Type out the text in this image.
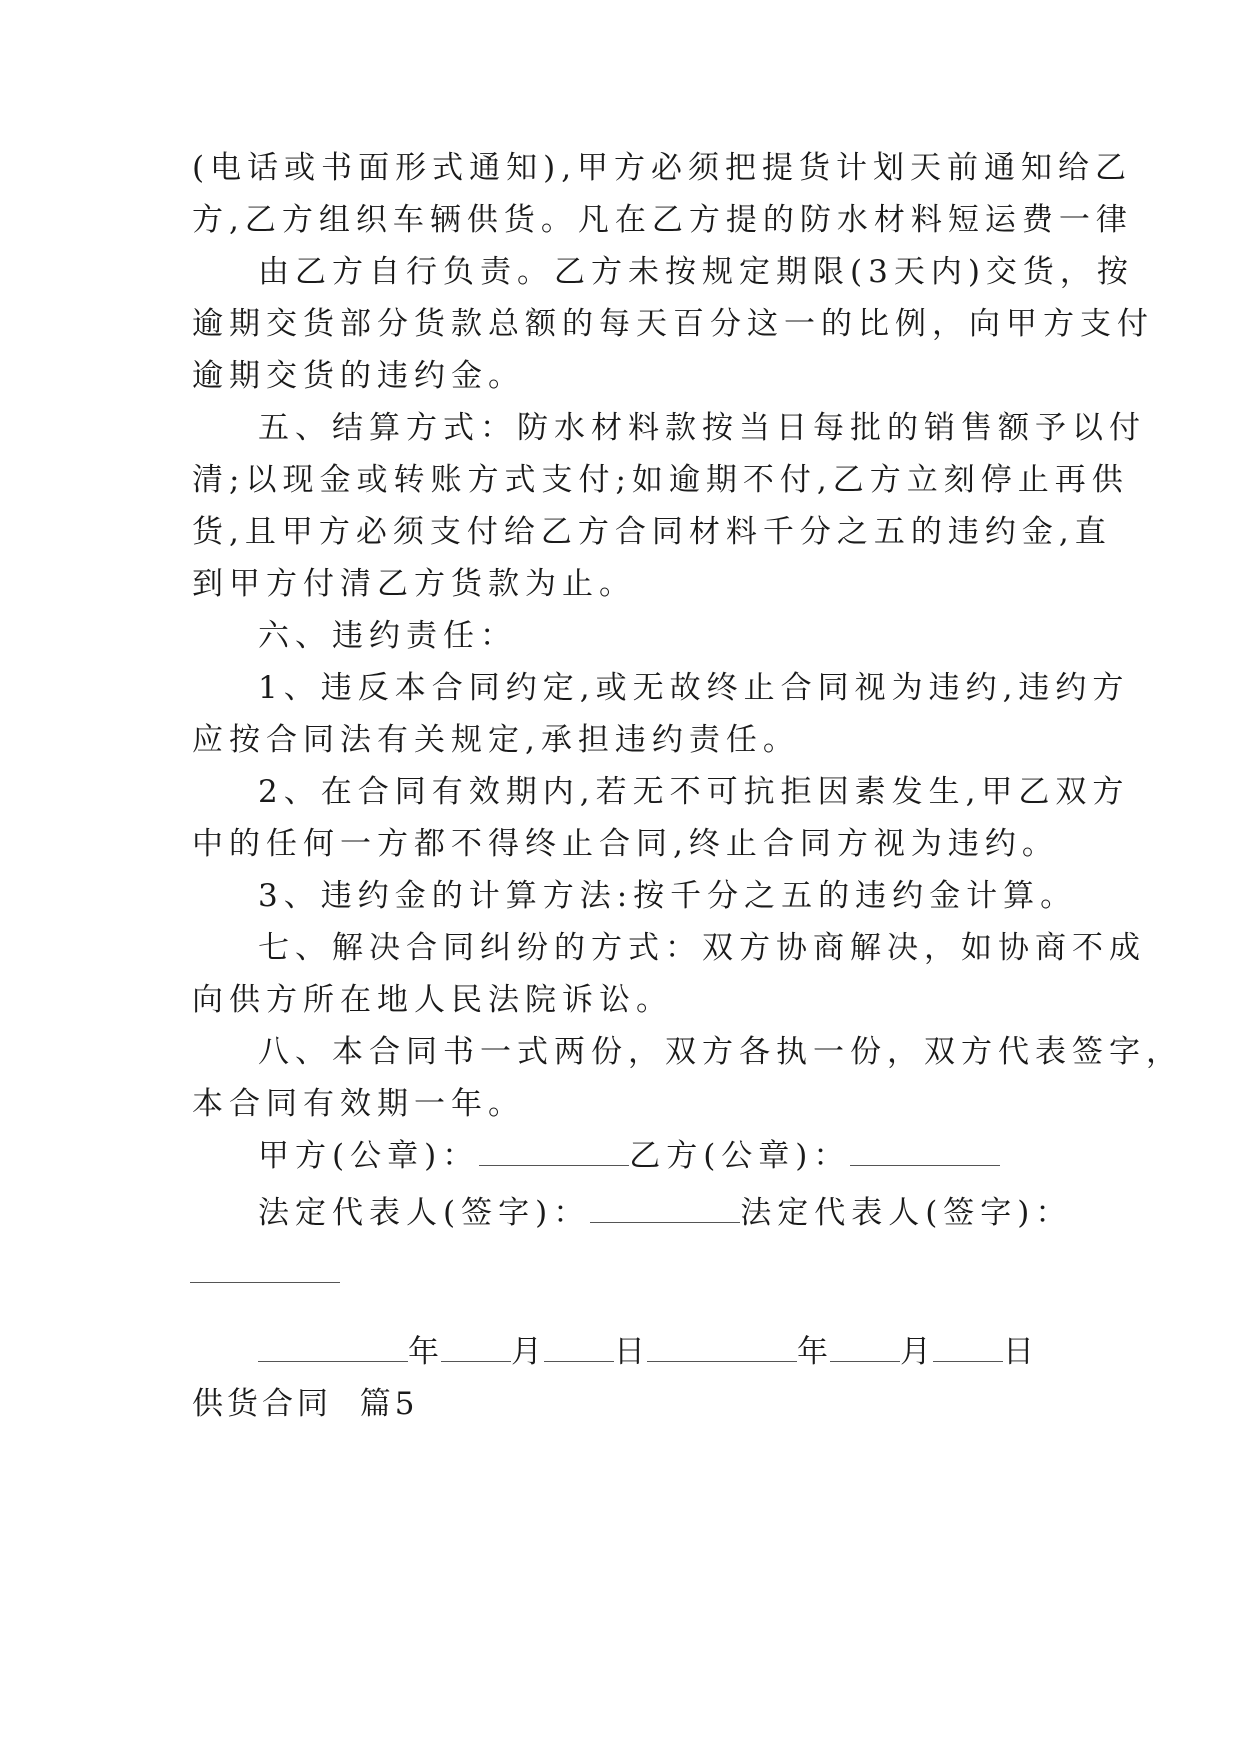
(电话或书面形式通知),甲方必须把提货计划天前通知给乙
方,乙方组织车辆供货。凡在乙方提的防水材料短运费一律
由乙方自行负责。乙方未按规定期限(3天内)交货，按
逾期交货部分货款总额的每天百分这一的比例，向甲方支付
逾期交货的违约金。
五、结算方式：防水材料款按当日每批的销售额予以付
清;以现金或转账方式支付;如逾期不付,乙方立刻停止再供
货,且甲方必须支付给乙方合同材料千分之五的违约金,直
到甲方付清乙方货款为止。
六、违约责任：
1、违反本合同约定,或无故终止合同视为违约,违约方
应按合同法有关规定,承担违约责任。
2、在合同有效期内,若无不可抗拒因素发生,甲乙双方
中的任何一方都不得终止合同,终止合同方视为违约。
3、违约金的计算方法:按千分之五的违约金计算。
七、解决合同纠纷的方式：双方协商解决，如协商不成
向供方所在地人民法院诉讼。
八、本合同书一式两份，双方各执一份，双方代表签字，
本合同有效期一年。
甲方(公章)：	乙方(公章)：
法定代表人(签字)：	法定代表人(签字)：
年 月 日	年 月 日
供货合同 篇5
